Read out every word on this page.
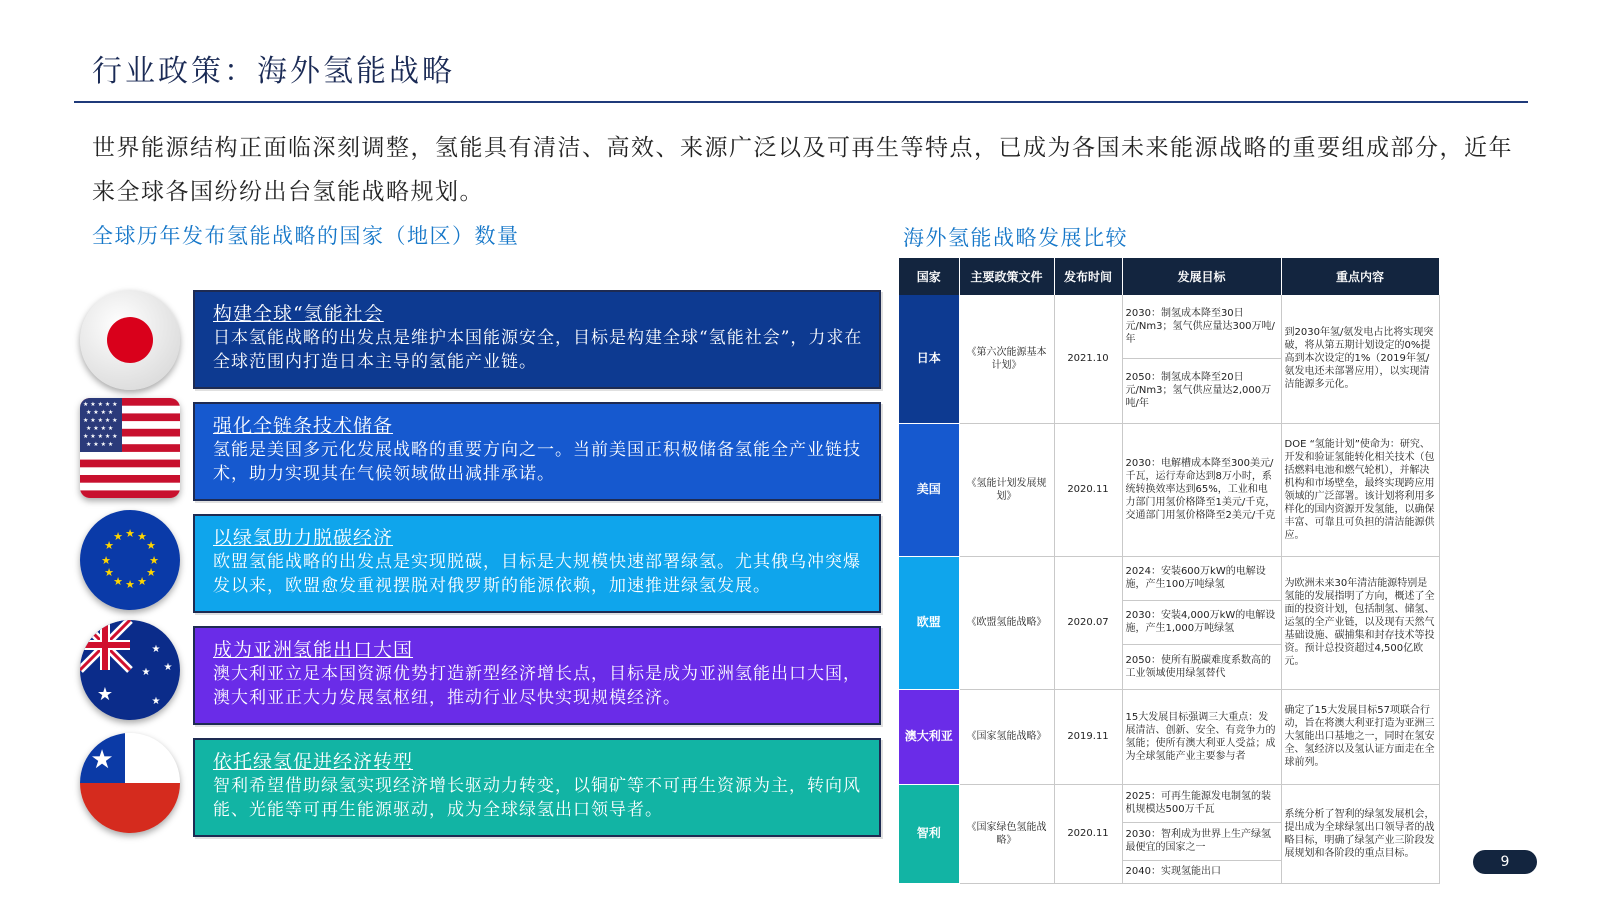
行业政策：海外氢能战略
世界能源结构正面临深刻调整，氢能具有清洁、高效、来源广泛以及可再生等特点，已成为各国未来能源战略的重要组成部分，近年来全球各国纷纷出台氢能战略规划。
全球历年发布氢能战略的国家（地区）数量	海外氢能战略发展比较
★ ★ ★ ★ ★
★ ★ ★ ★
★ ★ ★ ★ ★
★ ★ ★ ★
★ ★ ★ ★ ★
★ ★ ★ ★
★ ★
★
★
★
★
★
★
★
★
★
★
★
★
★ ★
★
★
构建全球“氢能社会
日本氢能战略的出发点是维护本国能源安全，目标是构建全球“氢能社会”，力求在全球范围内打造日本主导的氢能产业链。
强化全链条技术储备
氢能是美国多元化发展战略的重要方向之一。当前美国正积极储备氢能全产业链技术，助力实现其在气候领域做出减排承诺。
以绿氢助力脱碳经济
欧盟氢能战略的出发点是实现脱碳，目标是大规模快速部署绿氢。尤其俄乌冲突爆发以来，欧盟愈发重视摆脱对俄罗斯的能源依赖，加速推进绿氢发展。
成为亚洲氢能出口大国
澳大利亚立足本国资源优势打造新型经济增长点，目标是成为亚洲氢能出口大国，澳大利亚正大力发展氢枢纽，推动行业尽快实现规模经济。
依托绿氢促进经济转型
智利希望借助绿氢实现经济增长驱动力转变，以铜矿等不可再生资源为主，转向风能、光能等可再生能源驱动，成为全球绿氢出口领导者。
国家	主要政策文件	发布时间	发展目标	重点内容
日本	《第六次能源基本计划》	2021.10	2030：制氢成本降至30日元/Nm3；氢气供应量达300万吨/年
2050：制氢成本降至20日元/Nm3；氢气供应量达2,000万吨/年	到2030年氢/氨发电占比将实现突破，将从第五期计划设定的0%提高到本次设定的1%（2019年氢/氨发电还未部署应用），以实现清洁能源多元化。
美国	《氢能计划发展规划》	2020.11	2030：电解槽成本降至300美元/千瓦，运行寿命达到8万小时，系统转换效率达到65%，工业和电力部门用氢价格降至1美元/千克，交通部门用氢价格降至2美元/千克	DOE “氢能计划”使命为：研究、开发和验证氢能转化相关技术（包括燃料电池和燃气轮机），并解决机构和市场壁垒，最终实现跨应用领域的广泛部署。该计划将利用多样化的国内资源开发氢能，以确保丰富、可靠且可负担的清洁能源供应。
欧盟	《欧盟氢能战略》	2020.07	2024：安装600万kW的电解设施，产生100万吨绿氢
2030：安装4,000万kW的电解设施，产生1,000万吨绿氢
2050：使所有脱碳难度系数高的工业领域使用绿氢替代	为欧洲未来30年清洁能源特别是氢能的发展指明了方向，概述了全面的投资计划，包括制氢、储氢、运氢的全产业链，以及现有天然气基础设施、碳捕集和封存技术等投资。预计总投资超过4,500亿欧元。
澳大利亚	《国家氢能战略》	2019.11	15大发展目标强调三大重点：发展清洁、创新、安全、有竞争力的氢能；使所有澳大利亚人受益；成为全球氢能产业主要参与者	确定了15大发展目标57项联合行动，旨在将澳大利亚打造为亚洲三大氢能出口基地之一，同时在氢安全、氢经济以及氢认证方面走在全球前列。
智利	《国家绿色氢能战略》	2020.11	2025：可再生能源发电制氢的装机规模达500万千瓦
2030：智利成为世界上生产绿氢最便宜的国家之一
2040：实现氢能出口	系统分析了智利的绿氢发展机会，提出成为全球绿氢出口领导者的战略目标，明确了绿氢产业三阶段发展规划和各阶段的重点目标。
9
